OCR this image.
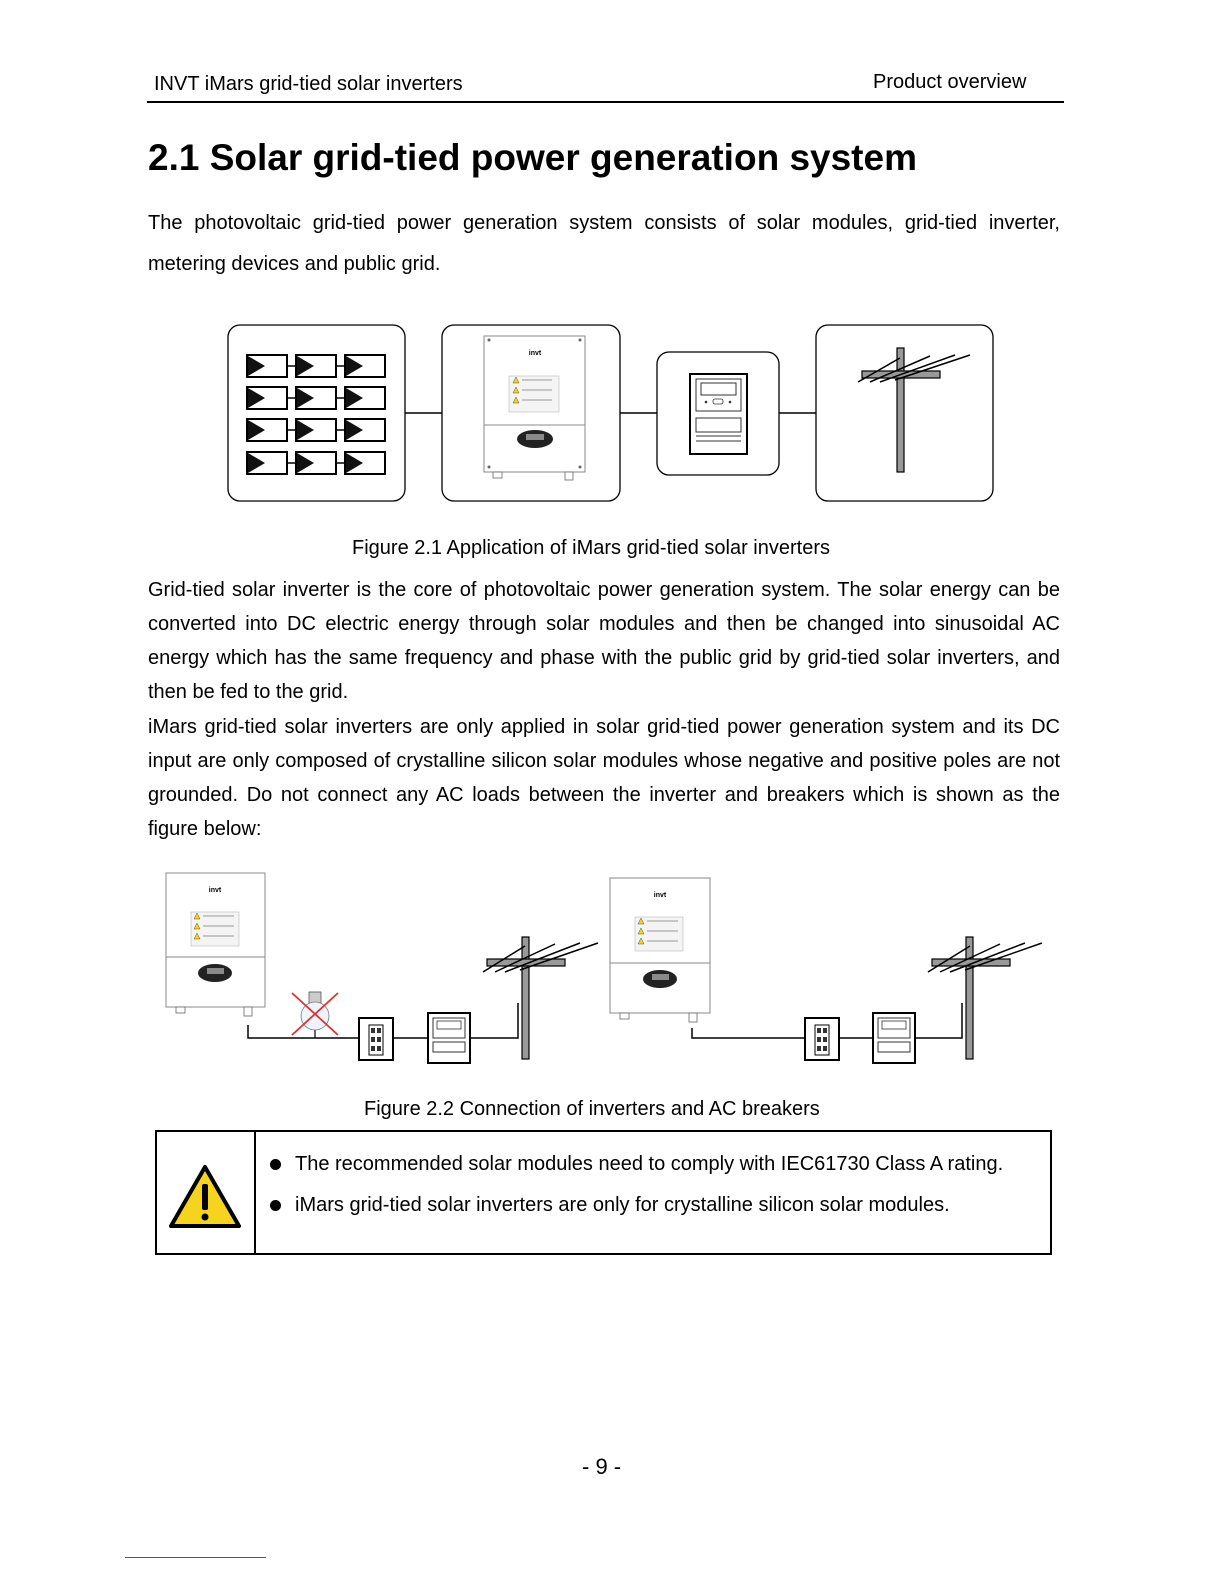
INVT iMars grid-tied solar inverters	Product overview
2.1 Solar grid-tied power generation system

The photovoltaic grid-tied power generation system consists of solar modules, grid-tied inverter, metering devices and public grid.

invt
Figure 2.1 Application of iMars grid-tied solar inverters

Grid-tied solar inverter is the core of photovoltaic power generation system. The solar energy can be converted into DC electric energy through solar modules and then be changed into sinusoidal AC energy which has the same frequency and phase with the public grid by grid-tied solar inverters, and then be fed to the grid.

iMars grid-tied solar inverters are only applied in solar grid-tied power generation system and its DC input are only composed of crystalline silicon solar modules whose negative and positive poles are not grounded. Do not connect any AC loads between the inverter and breakers which is shown as the figure below:

invt
invt
Figure 2.2 Connection of inverters and AC breakers
The recommended solar modules need to comply with IEC61730 Class A rating.
iMars grid-tied solar inverters are only for crystalline silicon solar modules.
- 9 -
